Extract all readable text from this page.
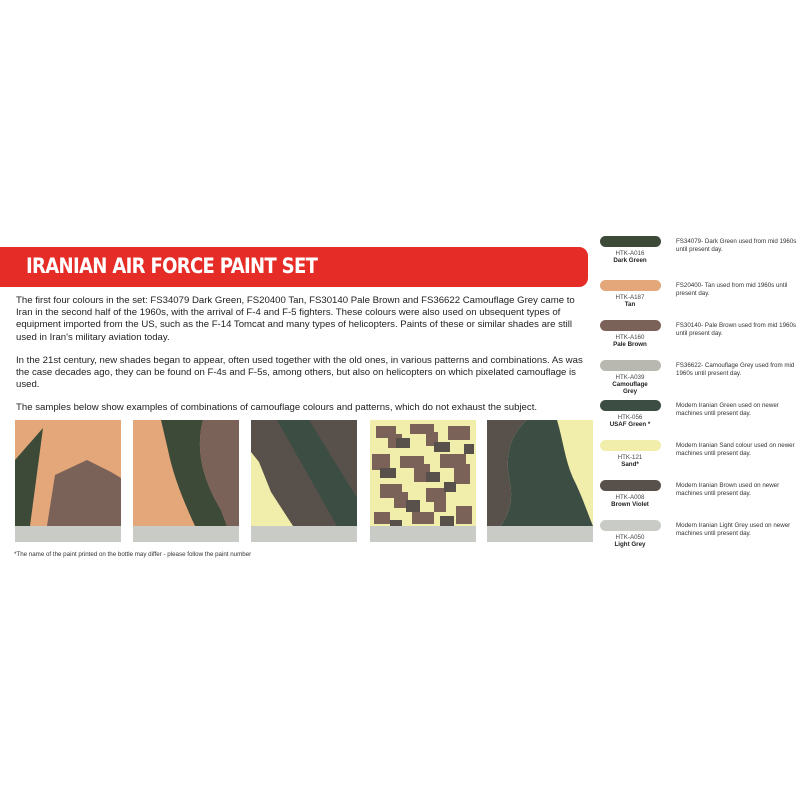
IRANIAN AIR FORCE PAINT SET

The first four colours in the set: FS34079 Dark Green, FS20400 Tan, FS30140 Pale Brown and FS36622 Camouflage Grey came to Iran in the second half of the 1960s, with the arrival of F-4 and F-5 fighters. These colours were also used on ubsequent types of equipment imported from the US, such as the F-14 Tomcat and many types of helicopters. Paints of these or similar shades are still used in Iran's military aviation today.

In the 21st century, new shades began to appear, often used together with the old ones, in various patterns and combinations. As was the case decades ago, they can be found on F-4s and F-5s, among others, but also on helicopters on which pixelated camouflage is used.

The samples below show examples of combinations of camouflage colours and patterns, which do not exhaust the subject.

*The name of the paint printed on the bottle may differ - please follow the paint number
HTK-A016
Dark Green
FS34079- Dark Green used from mid 1960s until present day.
HTK-A187
Tan
FS20400- Tan used from mid 1960s until present day.
HTK-A160
Pale Brown
FS30140- Pale Brown used from mid 1960s until present day.
HTK-A039
Camouflage Grey
FS36622- Camouflage Grey used from mid 1960s until present day.
HTK-056
USAF Green *
Modern Iranian Green used on newer machines until present day.
HTK-121
Sand*
Modern Iranian Sand colour used on newer machines until present day.
HTK-A008
Brown Violet
Modern Iranian Brown used on newer machines until present day.
HTK-A050
Light Grey
Modern Iranian Light Grey used on newer machines until present day.
